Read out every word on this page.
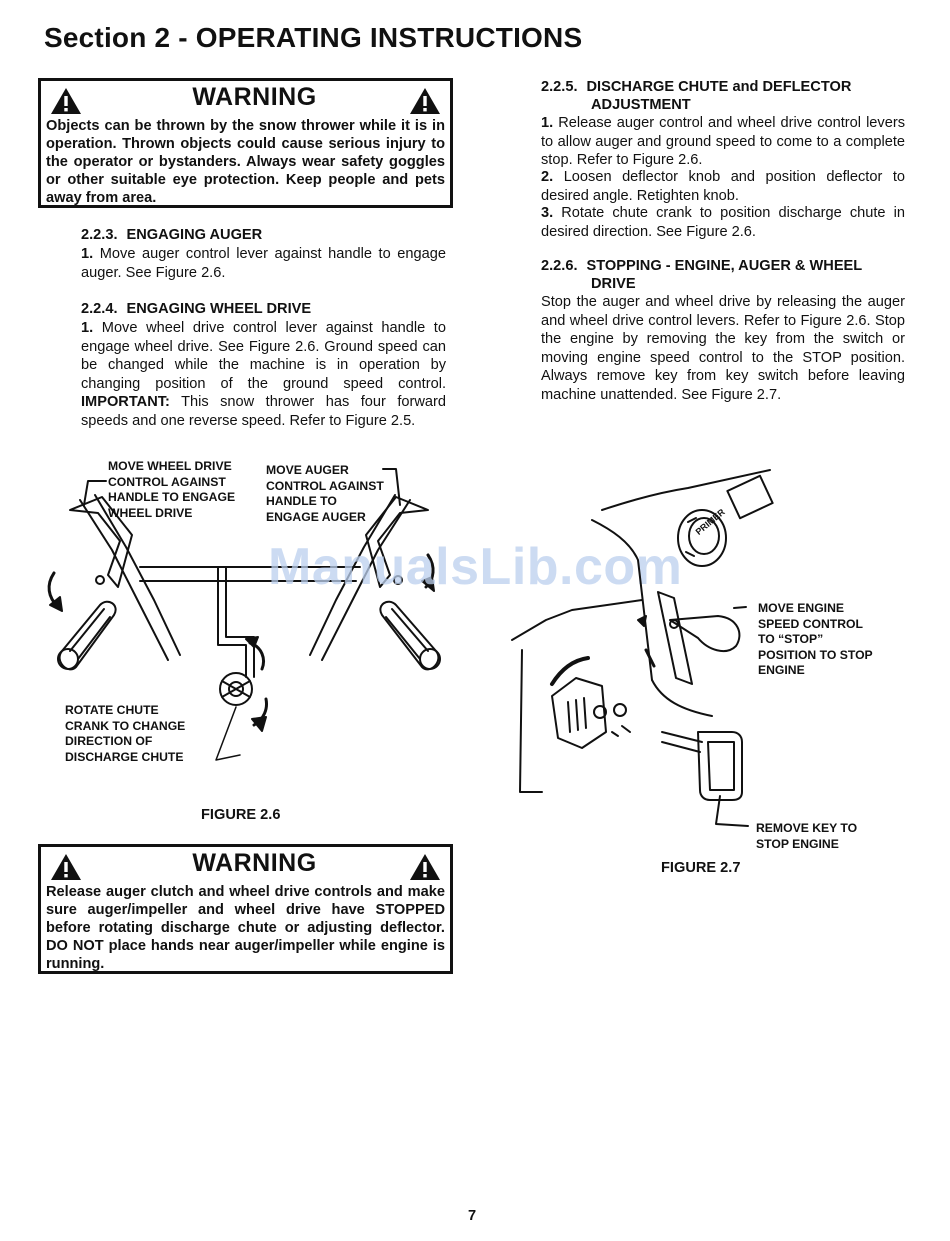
Section 2 - OPERATING INSTRUCTIONS
WARNING

Objects can be thrown by the snow thrower while it is in operation. Thrown objects could cause serious injury to the operator or bystanders. Always wear safety goggles or other suitable eye protection. Keep people and pets away from area.

2.2.3. ENGAGING AUGER

1. Move auger control lever against handle to engage auger. See Figure 2.6.

2.2.4. ENGAGING WHEEL DRIVE

1. Move wheel drive control lever against handle to engage wheel drive. See Figure 2.6. Ground speed can be changed while the machine is in operation by changing position of the ground speed control. IMPORTANT: This snow thrower has four forward speeds and one reverse speed. Refer to Figure 2.5.

2.2.5. DISCHARGE CHUTE and DEFLECTOR
ADJUSTMENT

1. Release auger control and wheel drive control levers to allow auger and ground speed to come to a complete stop. Refer to Figure 2.6.

2. Loosen deflector knob and position deflector to desired angle. Retighten knob.

3. Rotate chute crank to position discharge chute in desired direction. See Figure 2.6.

2.2.6. STOPPING - ENGINE, AUGER & WHEEL
DRIVE

Stop the auger and wheel drive by releasing the auger and wheel drive control levers. Refer to Figure 2.6. Stop the engine by removing the key from the switch or moving engine speed control to the STOP position. Always remove key from key switch before leaving machine unattended. See Figure 2.7.

ManualsLib.com

MOVE WHEEL DRIVE
CONTROL AGAINST
HANDLE TO ENGAGE
WHEEL DRIVE

MOVE AUGER
CONTROL AGAINST
HANDLE TO
ENGAGE AUGER

ROTATE CHUTE
CRANK TO CHANGE
DIRECTION OF
DISCHARGE CHUTE

FIGURE 2.6

PRIMER

MOVE ENGINE
SPEED CONTROL
TO “STOP”
POSITION TO STOP
ENGINE

REMOVE KEY TO
STOP ENGINE

FIGURE 2.7

WARNING

Release auger clutch and wheel drive controls and make sure auger/impeller and wheel drive have STOPPED before rotating discharge chute or adjusting deflector. DO NOT place hands near auger/impeller while engine is running.

7
